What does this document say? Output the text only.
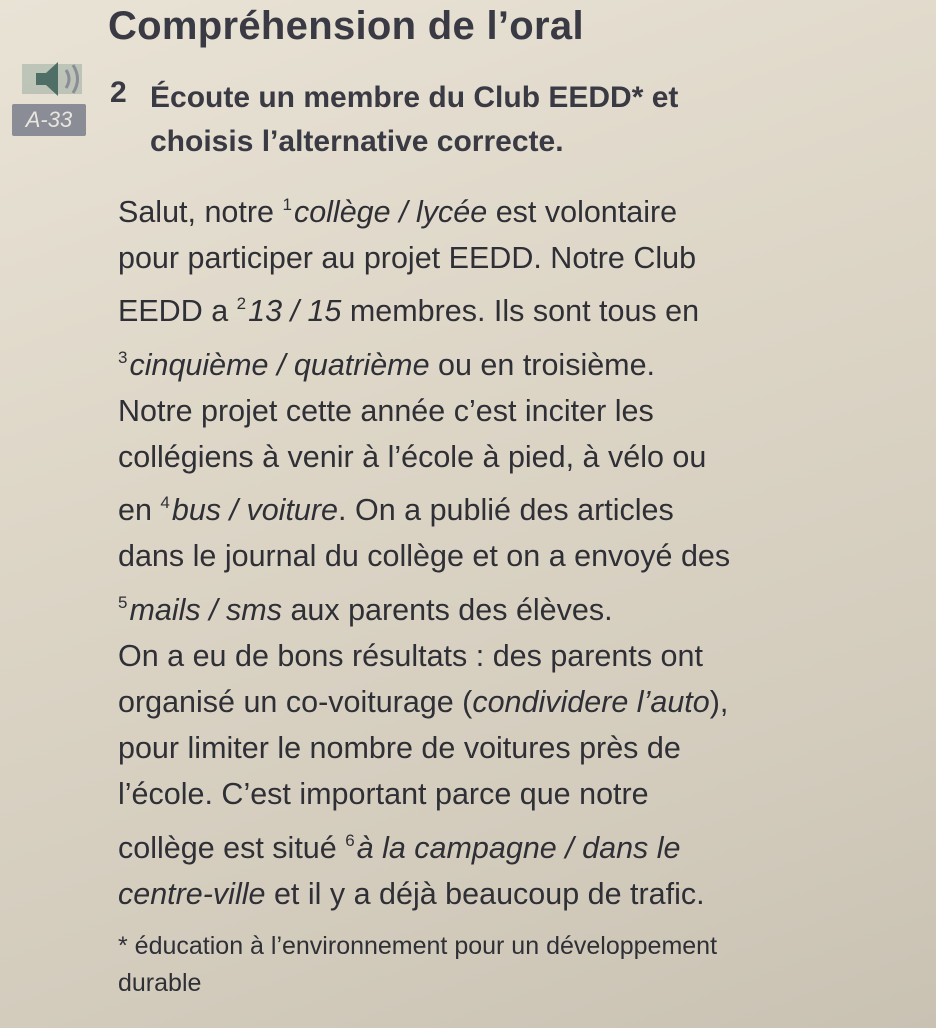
Compréhension de l’oral
A-33
2 Écoute un membre du Club EEDD* et
choisis l’alternative correcte.
Salut, notre $^1$collège / lycée est volontaire
pour participer au projet EEDD. Notre Club
EEDD a $^2$13 / 15 membres. Ils sont tous en
$^3$cinquième / quatrième ou en troisième.
Notre projet cette année c’est inciter les
collégiens à venir à l’école à pied, à vélo ou
en $^4$bus / voiture. On a publié des articles
dans le journal du collège et on a envoyé des
$^5$mails / sms aux parents des élèves.
On a eu de bons résultats : des parents ont
organisé un co-voiturage (condividere l’auto),
pour limiter le nombre de voitures près de
l’école. C’est important parce que notre
collège est situé $^6$à la campagne / dans le
centre-ville et il y a déjà beaucoup de trafic.
* éducation à l’environnement pour un développement
durable
